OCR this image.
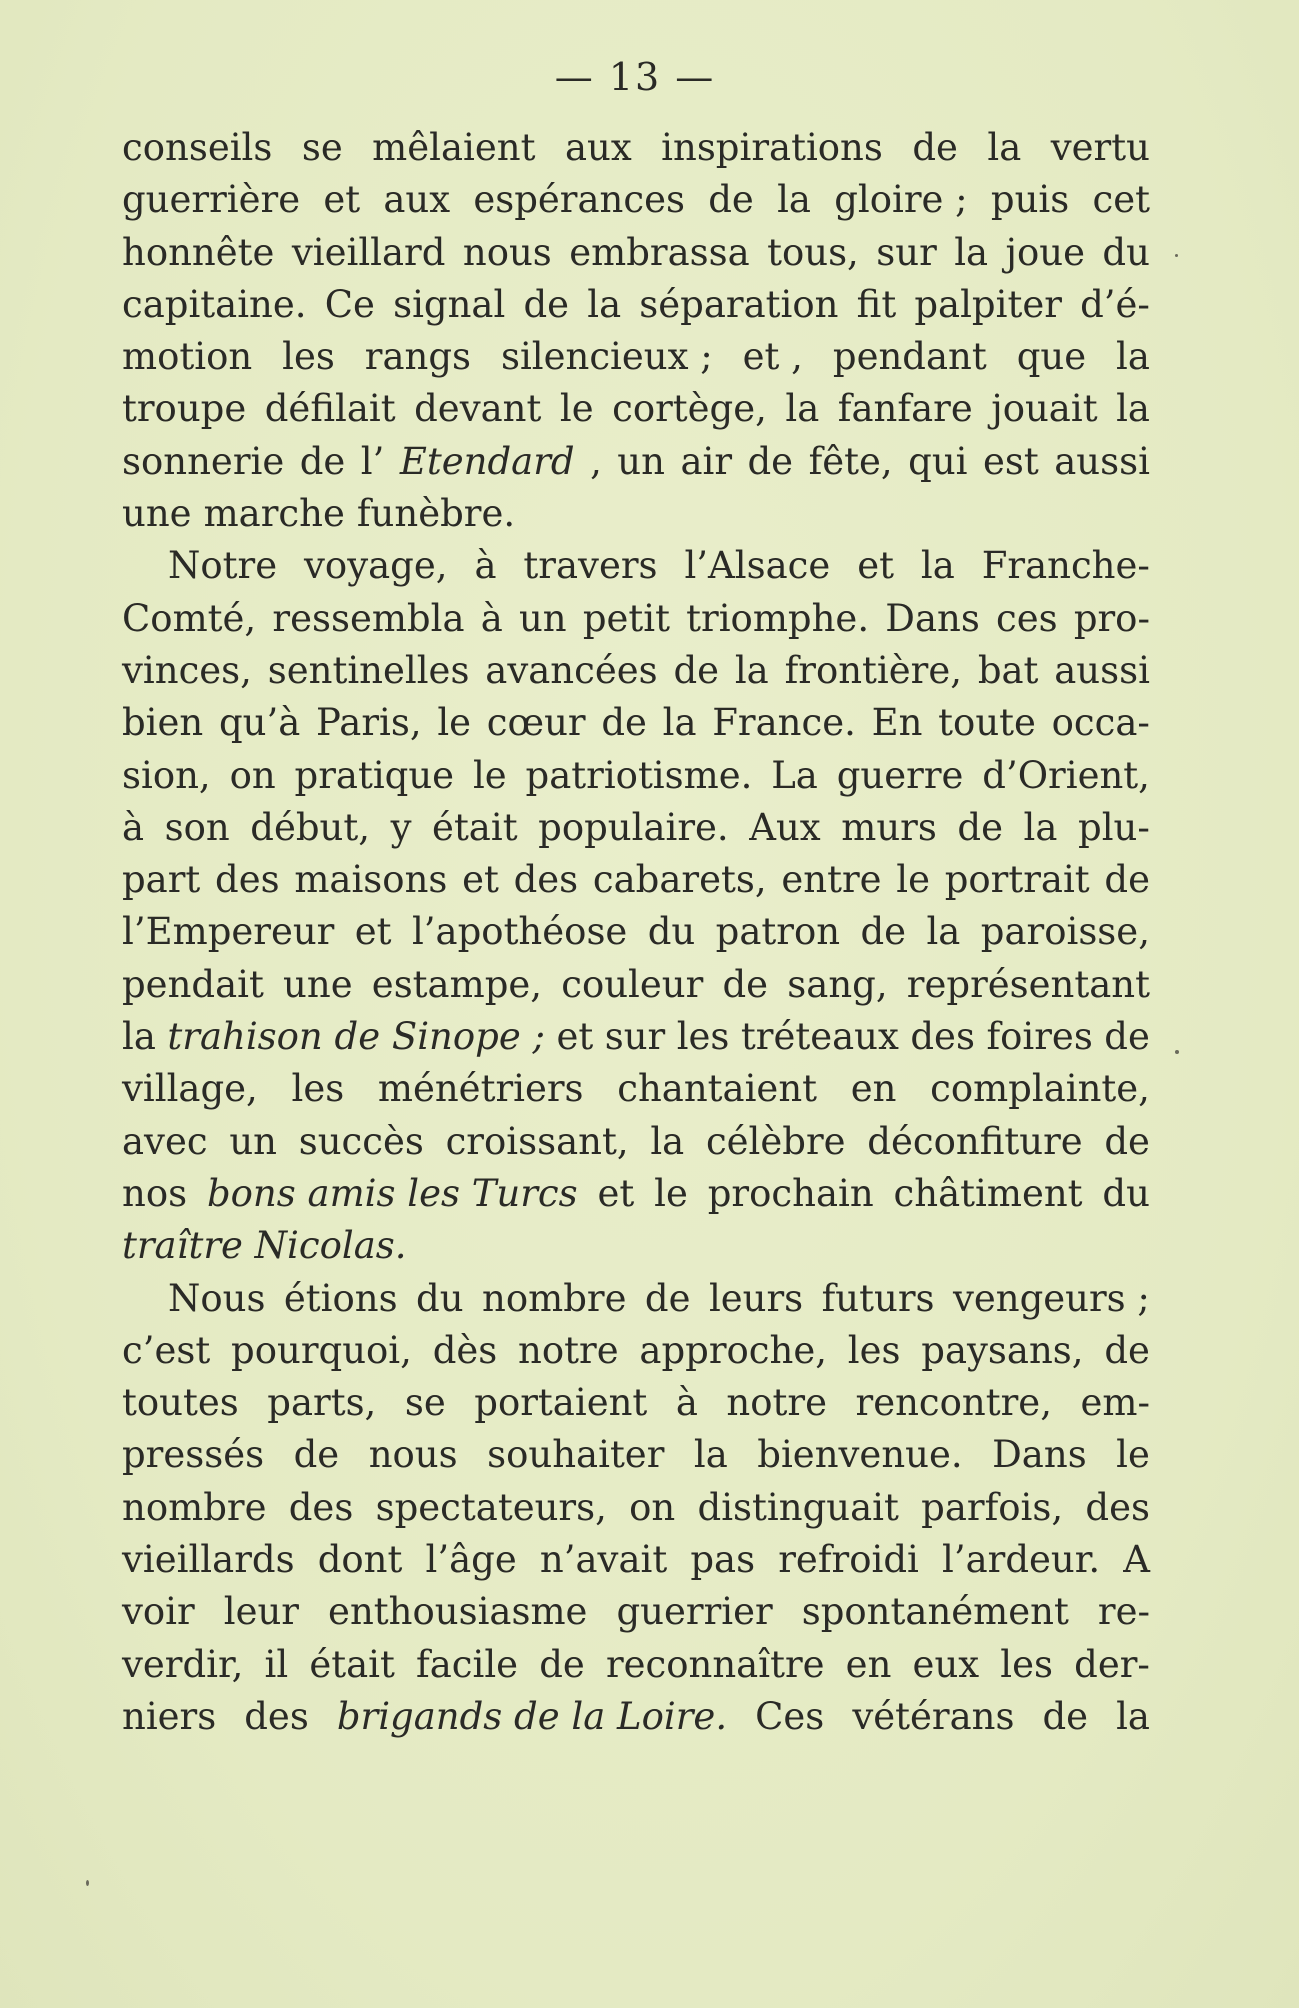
— 13 —
conseils se mêlaient aux inspirations de la vertu
guerrière et aux espérances de la gloire ; puis cet
honnête vieillard nous embrassa tous, sur la joue du
capitaine. Ce signal de la séparation fit palpiter d’é-
motion les rangs silencieux ; et , pendant que la
troupe défilait devant le cortège, la fanfare jouait la
sonnerie de l’ Etendard , un air de fête, qui est aussi
une marche funèbre.
Notre voyage, à travers l’Alsace et la Franche-
Comté, ressembla à un petit triomphe. Dans ces pro-
vinces, sentinelles avancées de la frontière, bat aussi
bien qu’à Paris, le cœur de la France. En toute occa-
sion, on pratique le patriotisme. La guerre d’Orient,
à son début, y était populaire. Aux murs de la plu-
part des maisons et des cabarets, entre le portrait de
l’Empereur et l’apothéose du patron de la paroisse,
pendait une estampe, couleur de sang, représentant
la trahison de Sinope ; et sur les tréteaux des foires de
village, les ménétriers chantaient en complainte,
avec un succès croissant, la célèbre déconfiture de
nos bons amis les Turcs et le prochain châtiment du
traître Nicolas.
Nous étions du nombre de leurs futurs vengeurs ;
c’est pourquoi, dès notre approche, les paysans, de
toutes parts, se portaient à notre rencontre, em-
pressés de nous souhaiter la bienvenue. Dans le
nombre des spectateurs, on distinguait parfois, des
vieillards dont l’âge n’avait pas refroidi l’ardeur. A
voir leur enthousiasme guerrier spontanément re-
verdir, il était facile de reconnaître en eux les der-
niers des brigands de la Loire. Ces vétérans de la
